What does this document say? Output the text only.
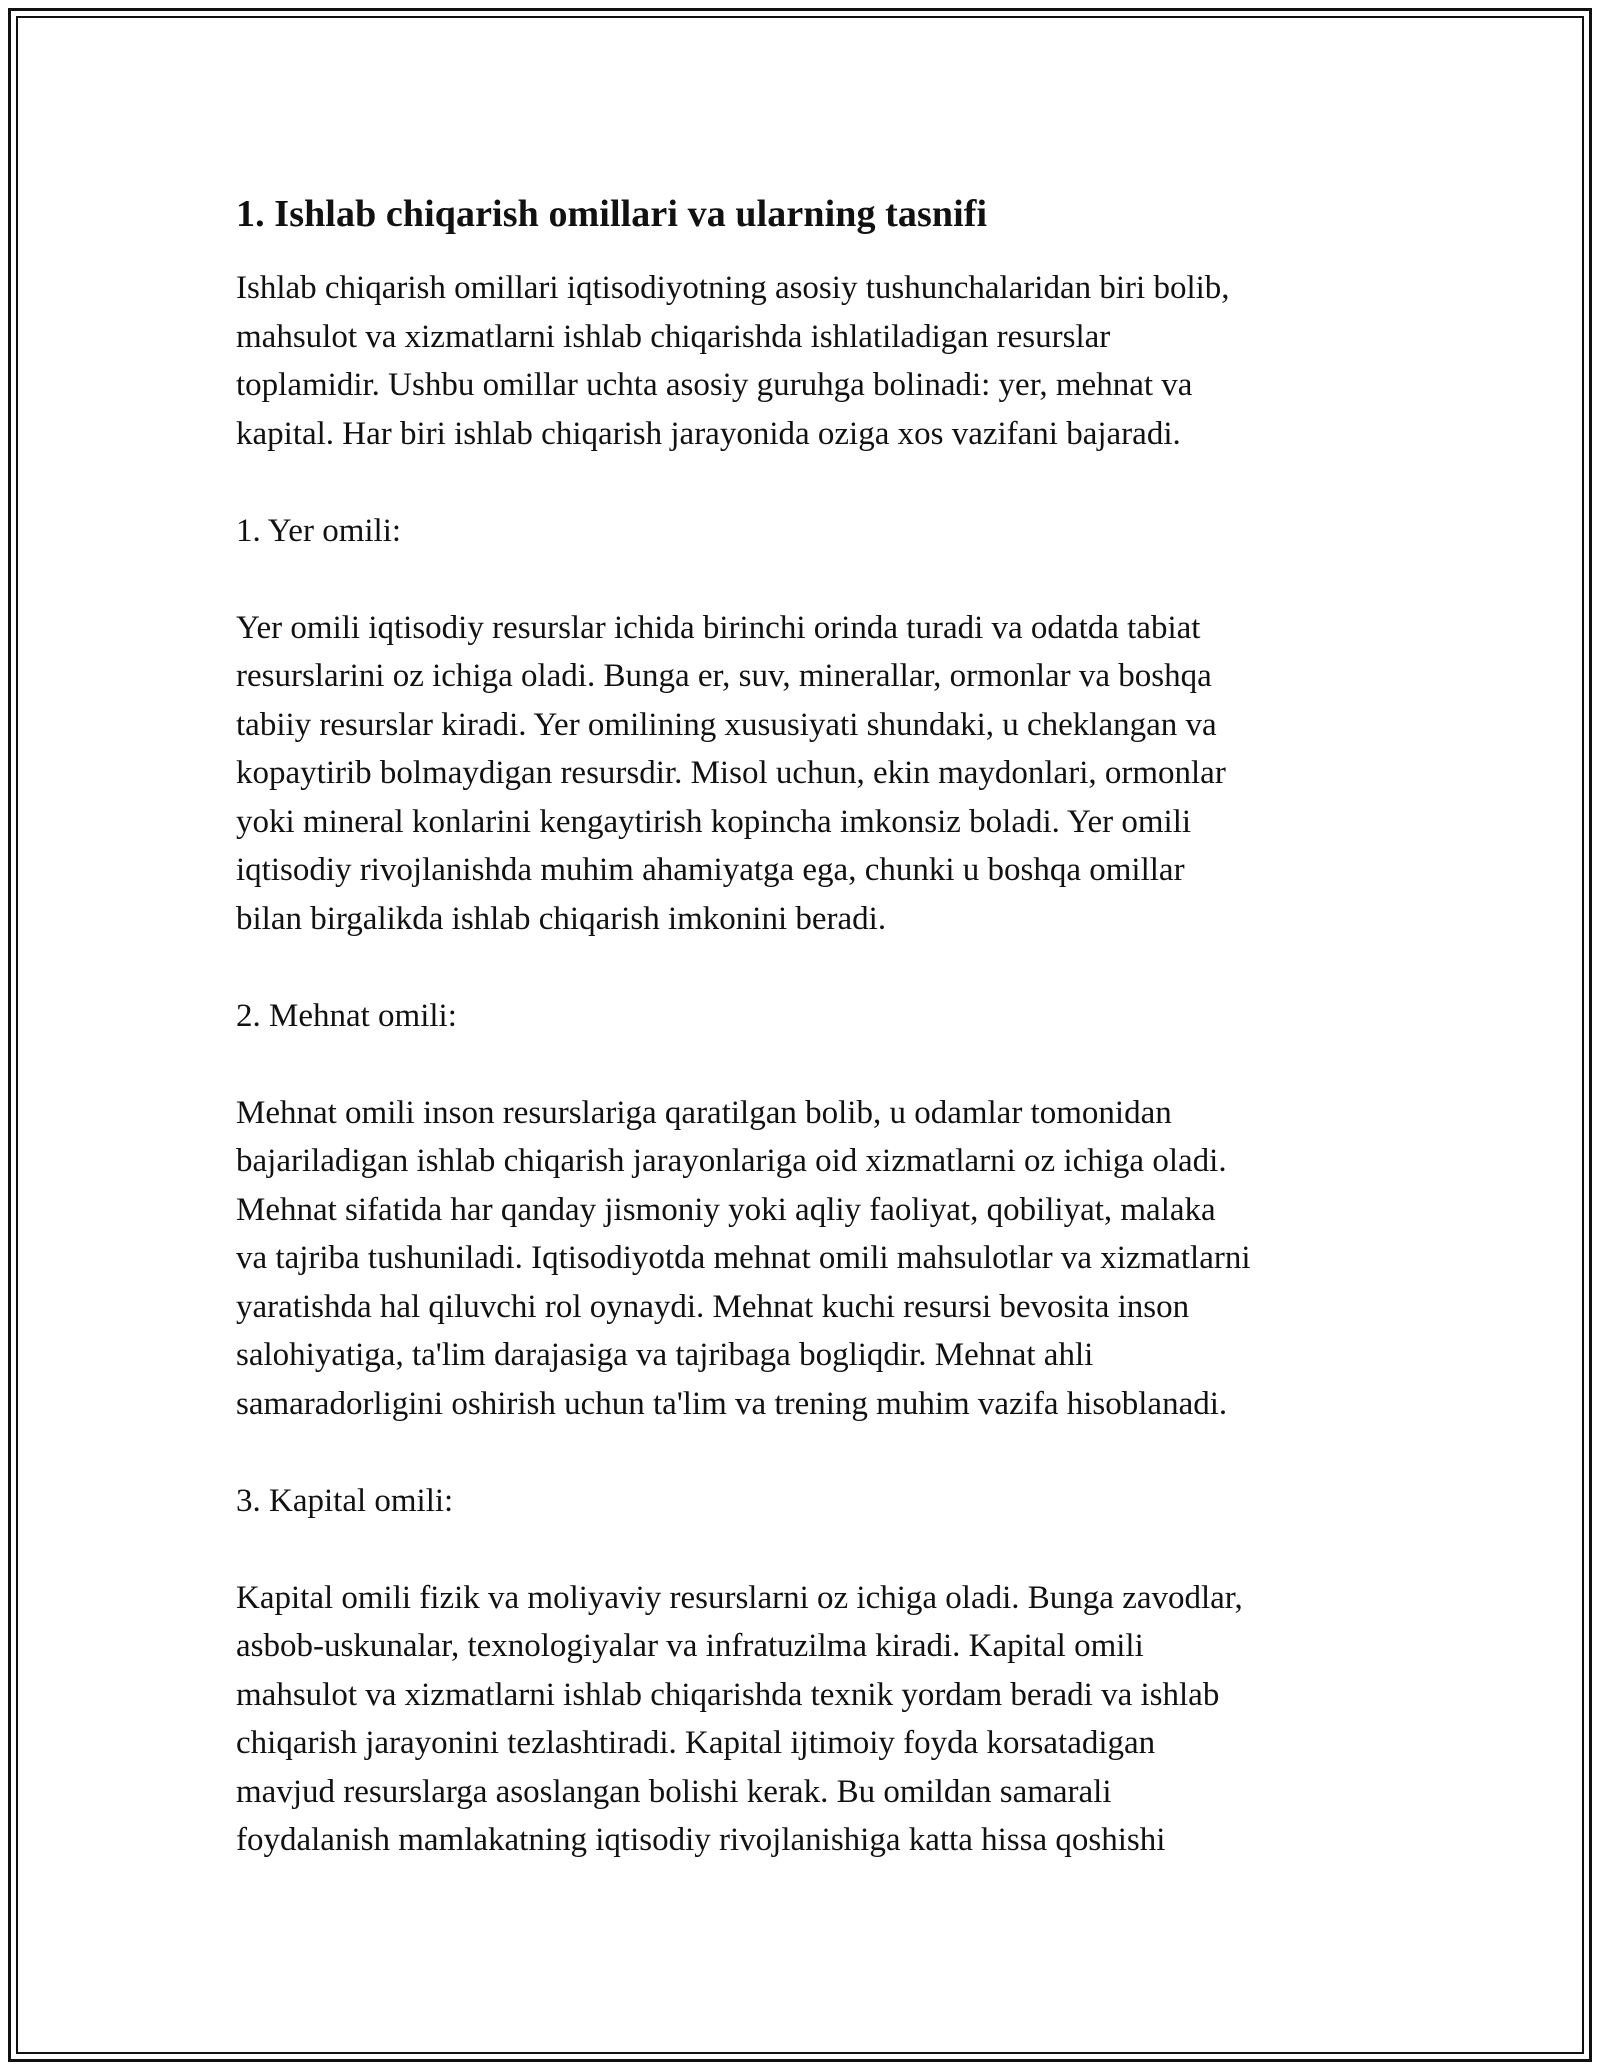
1. Ishlab chiqarish omillari va ularning tasnifi

Ishlab chiqarish omillari iqtisodiyotning asosiy tushunchalaridan biri bolib,

mahsulot va xizmatlarni ishlab chiqarishda ishlatiladigan resurslar

toplamidir. Ushbu omillar uchta asosiy guruhga bolinadi: yer, mehnat va

kapital. Har biri ishlab chiqarish jarayonida oziga xos vazifani bajaradi.

1. Yer omili:

Yer omili iqtisodiy resurslar ichida birinchi orinda turadi va odatda tabiat

resurslarini oz ichiga oladi. Bunga er, suv, minerallar, ormonlar va boshqa

tabiiy resurslar kiradi. Yer omilining xususiyati shundaki, u cheklangan va

kopaytirib bolmaydigan resursdir. Misol uchun, ekin maydonlari, ormonlar

yoki mineral konlarini kengaytirish kopincha imkonsiz boladi. Yer omili

iqtisodiy rivojlanishda muhim ahamiyatga ega, chunki u boshqa omillar

bilan birgalikda ishlab chiqarish imkonini beradi.

2. Mehnat omili:

Mehnat omili inson resurslariga qaratilgan bolib, u odamlar tomonidan

bajariladigan ishlab chiqarish jarayonlariga oid xizmatlarni oz ichiga oladi.

Mehnat sifatida har qanday jismoniy yoki aqliy faoliyat, qobiliyat, malaka

va tajriba tushuniladi. Iqtisodiyotda mehnat omili mahsulotlar va xizmatlarni

yaratishda hal qiluvchi rol oynaydi. Mehnat kuchi resursi bevosita inson

salohiyatiga, ta'lim darajasiga va tajribaga bogliqdir. Mehnat ahli

samaradorligini oshirish uchun ta'lim va trening muhim vazifa hisoblanadi.

3. Kapital omili:

Kapital omili fizik va moliyaviy resurslarni oz ichiga oladi. Bunga zavodlar,

asbob-uskunalar, texnologiyalar va infratuzilma kiradi. Kapital omili

mahsulot va xizmatlarni ishlab chiqarishda texnik yordam beradi va ishlab

chiqarish jarayonini tezlashtiradi. Kapital ijtimoiy foyda korsatadigan

mavjud resurslarga asoslangan bolishi kerak. Bu omildan samarali

foydalanish mamlakatning iqtisodiy rivojlanishiga katta hissa qoshishi
